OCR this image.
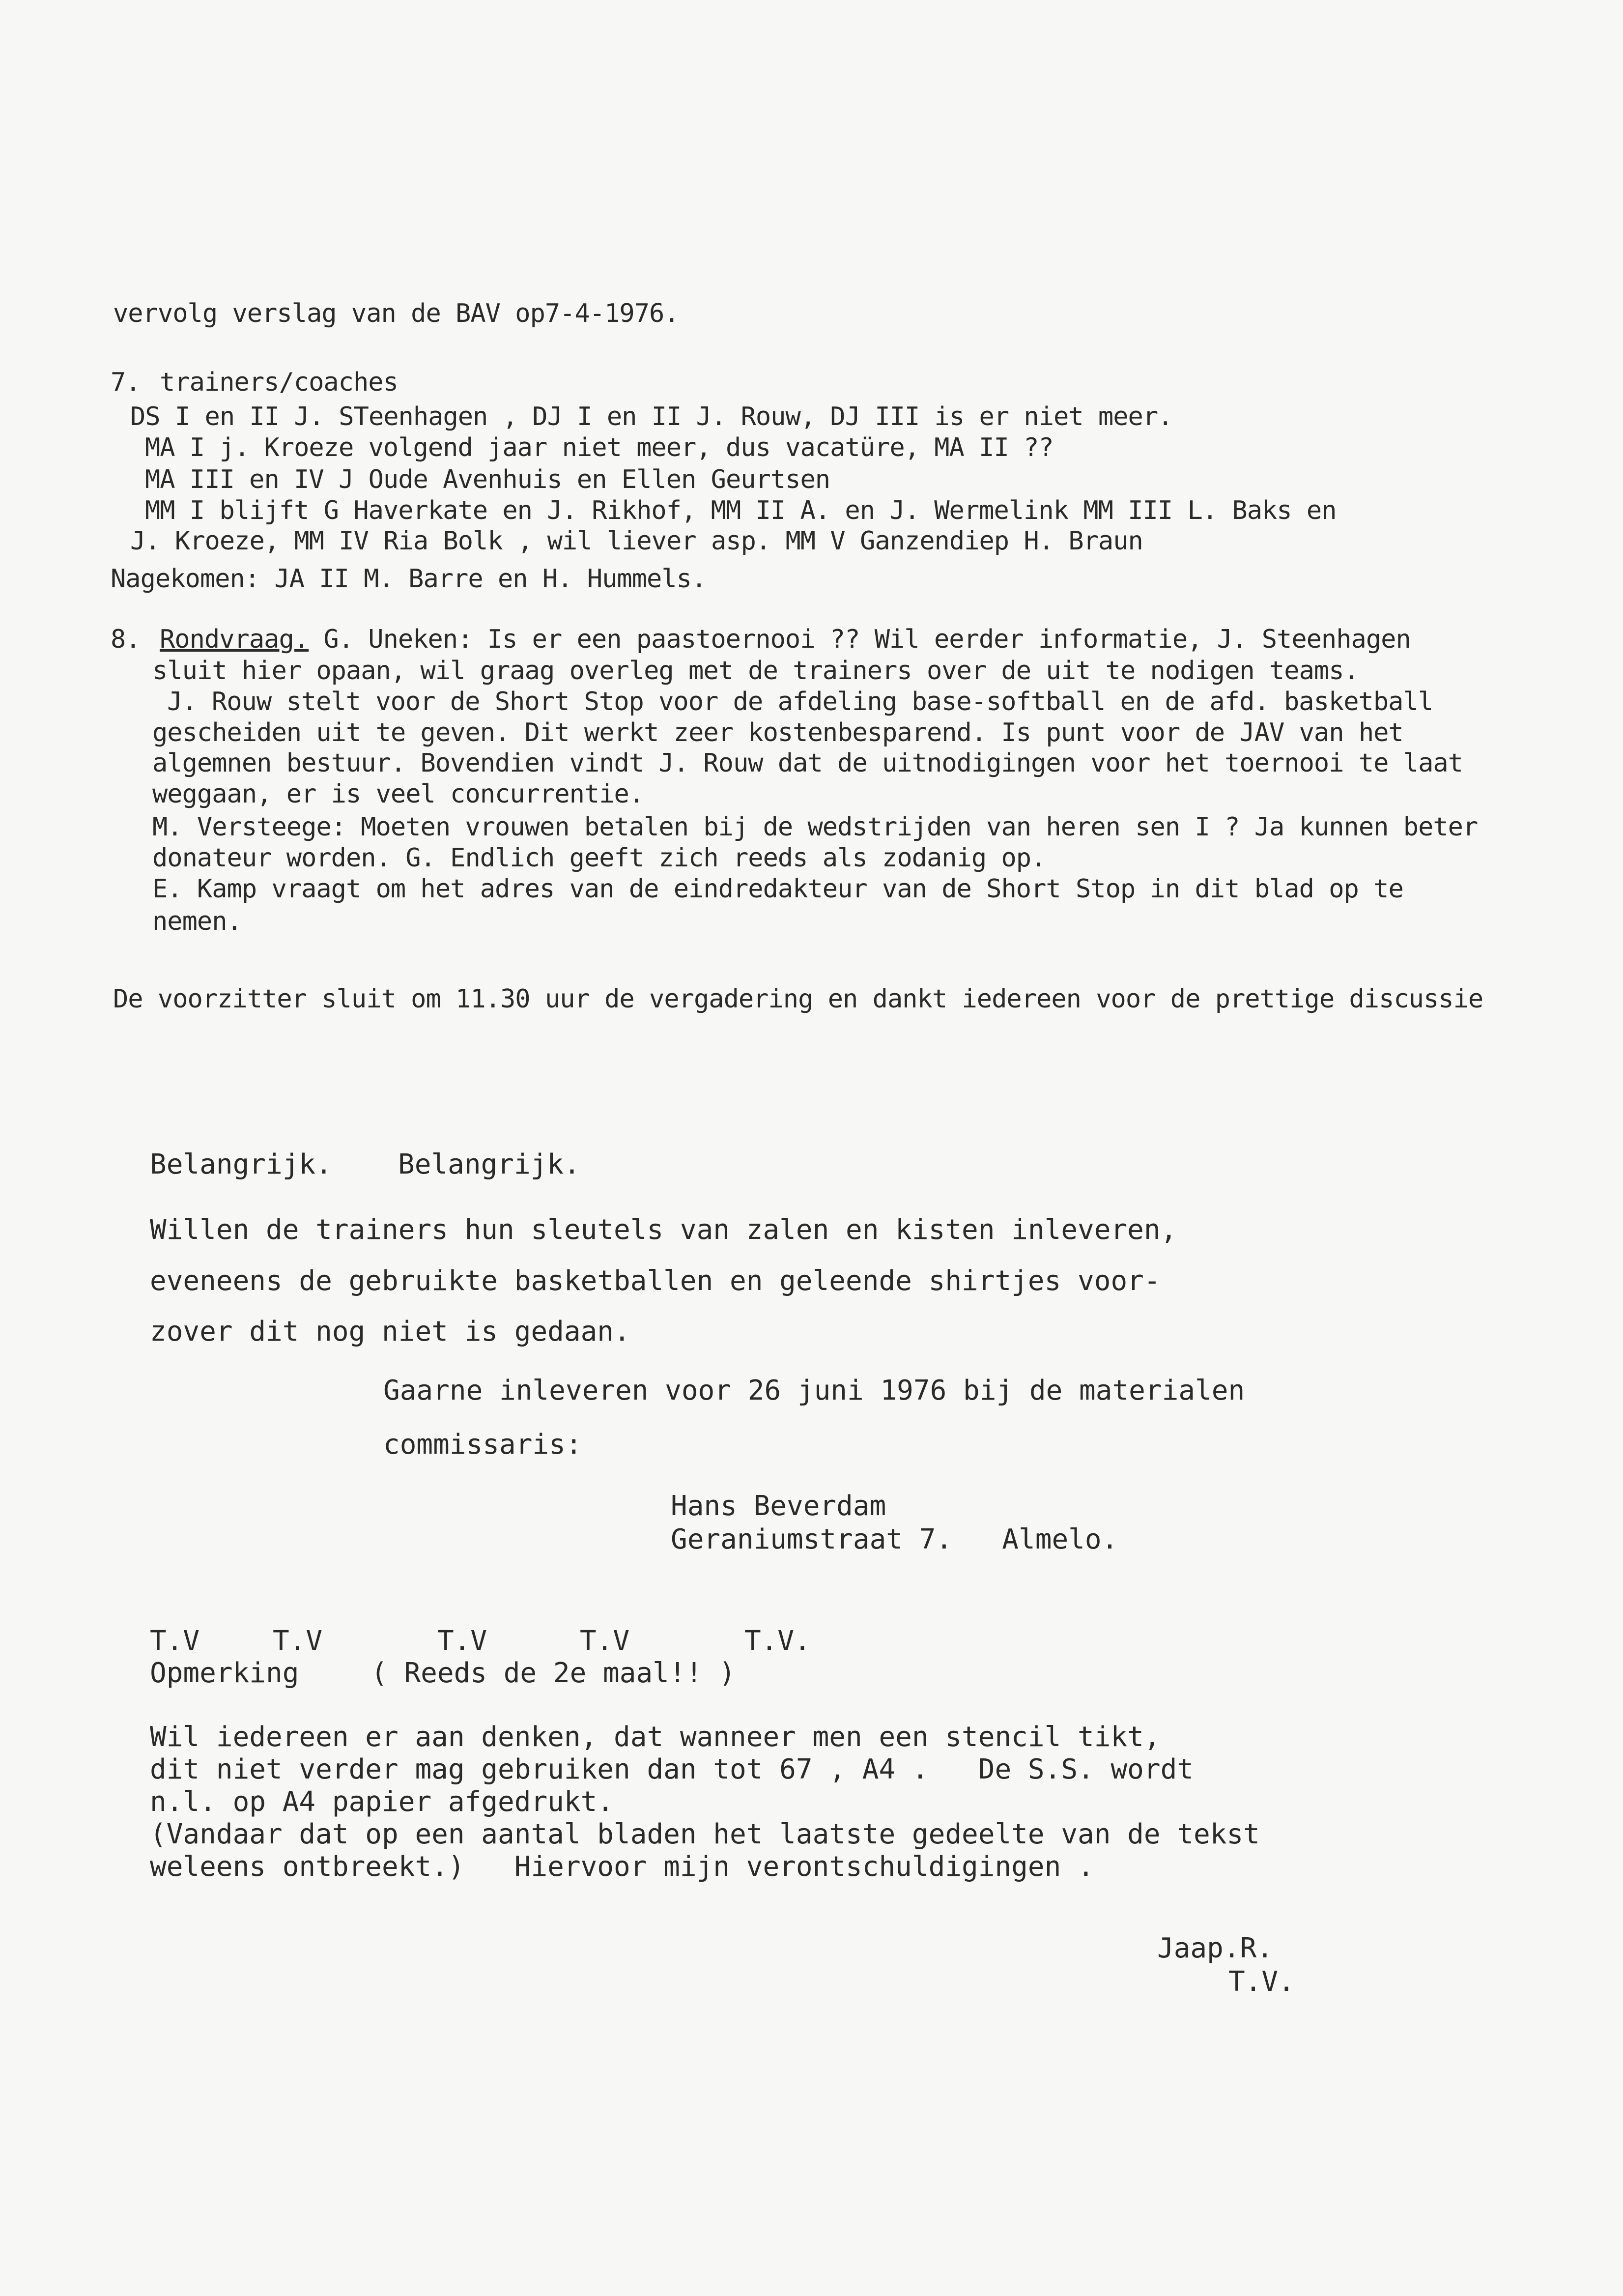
vervolg verslag van de BAV op7-4-1976.
7. trainers/coaches
DS I en II J. STeenhagen , DJ I en II J. Rouw, DJ III is er niet meer.
MA I j. Kroeze volgend jaar niet meer, dus vacatüre, MA II ??
MA III en IV J Oude Avenhuis en Ellen Geurtsen
MM I blijft G Haverkate en J. Rikhof, MM II A. en J. Wermelink MM III L. Baks en
J. Kroeze, MM IV Ria Bolk , wil liever asp. MM V Ganzendiep H. Braun
Nagekomen: JA II M. Barre en H. Hummels.
8. Rondvraag. G. Uneken: Is er een paastoernooi ?? Wil eerder informatie, J. Steenhagen
sluit hier opaan, wil graag overleg met de trainers over de uit te nodigen teams.
J. Rouw stelt voor de Short Stop voor de afdeling base-softball en de afd. basketball
gescheiden uit te geven. Dit werkt zeer kostenbesparend. Is punt voor de JAV van het
algemnen bestuur. Bovendien vindt J. Rouw dat de uitnodigingen voor het toernooi te laat
weggaan, er is veel concurrentie.
M. Versteege: Moeten vrouwen betalen bij de wedstrijden van heren sen I ? Ja kunnen beter
donateur worden. G. Endlich geeft zich reeds als zodanig op.
E. Kamp vraagt om het adres van de eindredakteur van de Short Stop in dit blad op te
nemen.
De voorzitter sluit om 11.30 uur de vergadering en dankt iedereen voor de prettige discussie
Belangrijk. Belangrijk.
Willen de trainers hun sleutels van zalen en kisten inleveren,
eveneens de gebruikte basketballen en geleende shirtjes voor-
zover dit nog niet is gedaan.
Gaarne inleveren voor 26 juni 1976 bij de materialen
commissaris:
Hans Beverdam
Geraniumstraat 7.   Almelo.
T.V	T.V	T.V	T.V	T.V.
Opmerking	( Reeds de 2e maal!! )
Wil iedereen er aan denken, dat wanneer men een stencil tikt,
dit niet verder mag gebruiken dan tot 67 , A4 .   De S.S. wordt
n.l. op A4 papier afgedrukt.
(Vandaar dat op een aantal bladen het laatste gedeelte van de tekst
weleens ontbreekt.)   Hiervoor mijn verontschuldigingen .
Jaap.R.
T.V.
